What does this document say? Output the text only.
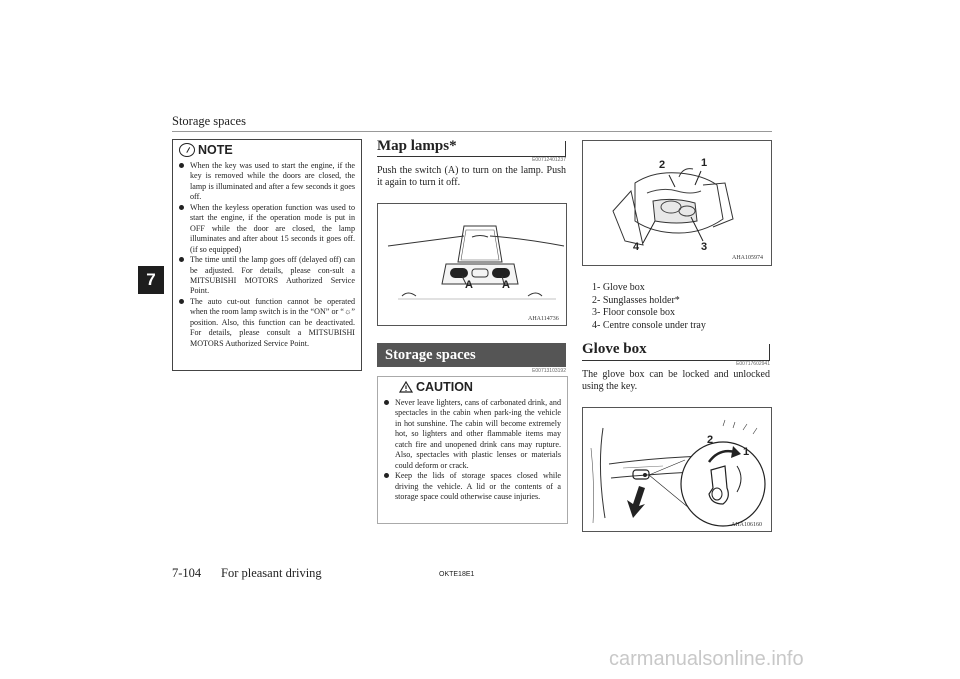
Storage spaces
7
NOTE
When the key was used to start the engine, if the key is removed while the doors are closed, the lamp is illuminated and after a few seconds it goes off.
When the keyless operation function was used to start the engine, if the operation mode is put in OFF while the door are closed, the lamp illuminates and after about 15 seconds it goes off. (if so equipped)
The time until the lamp goes off (delayed off) can be adjusted. For details, please con-sult a MITSUBISHI MOTORS Authorized Service Point.
The auto cut-out function cannot be operated when the room lamp switch is in the “ON” or “☼” position. Also, this function can be deactivated. For details, please consult a MITSUBISHI MOTORS Authorized Service Point.
Map lamps*
E00712401237
Push the switch (A) to turn on the lamp. Push it again to turn it off.
A	A
AHA114736
Storage spaces
E00713103192
CAUTION
Never leave lighters, cans of carbonated drink, and spectacles in the cabin when park-ing the vehicle in hot sunshine. The cabin will become extremely hot, so lighters and other flammable items may catch fire and unopened drink cans may rupture. Also, spectacles with plastic lenses or materials could deform or crack.
Keep the lids of storage spaces closed while driving the vehicle. A lid or the contents of a storage space could otherwise cause injuries.
2	1
4	3
AHA105974
1- Glove box
2- Sunglasses holder*
3- Floor console box
4- Centre console under tray
Glove box
E00717602941
The glove box can be locked and unlocked using the key.
2
1
3
AHA106160
7-104 For pleasant driving	OKTE18E1
carmanualsonline.info
